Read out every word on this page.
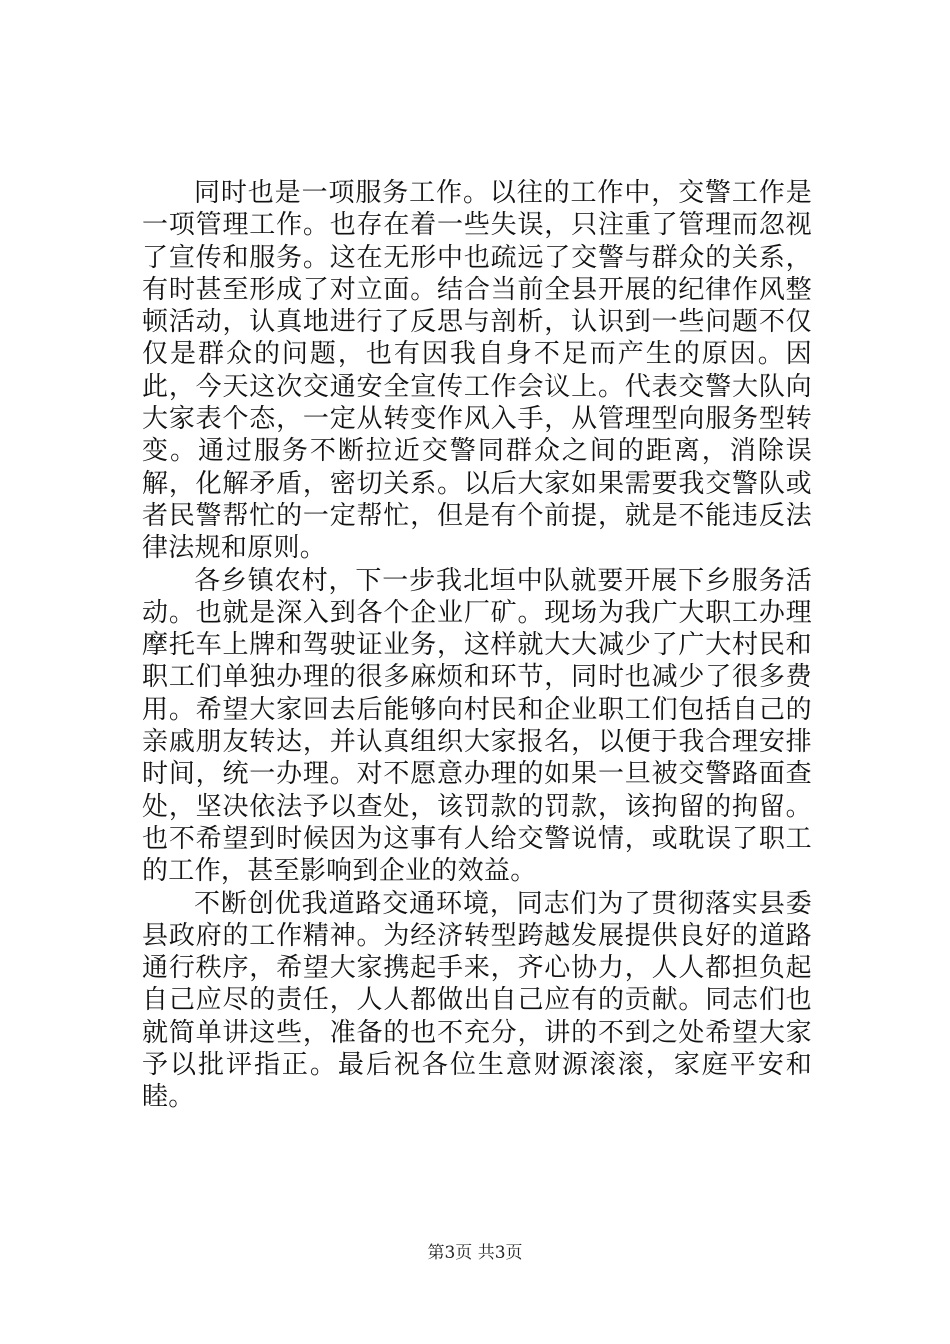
同时也是一项服务工作。以往的工作中，交警工作是一项管理工作。也存在着一些失误，只注重了管理而忽视了宣传和服务。这在无形中也疏远了交警与群众的关系，有时甚至形成了对立面。结合当前全县开展的纪律作风整顿活动，认真地进行了反思与剖析，认识到一些问题不仅仅是群众的问题，也有因我自身不足而产生的原因。因此，今天这次交通安全宣传工作会议上。代表交警大队向大家表个态，一定从转变作风入手，从管理型向服务型转变。通过服务不断拉近交警同群众之间的距离，消除误解，化解矛盾，密切关系。以后大家如果需要我交警队或者民警帮忙的一定帮忙，但是有个前提，就是不能违反法律法规和原则。

各乡镇农村，下一步我北垣中队就要开展下乡服务活动。也就是深入到各个企业厂矿。现场为我广大职工办理摩托车上牌和驾驶证业务，这样就大大减少了广大村民和职工们单独办理的很多麻烦和环节，同时也减少了很多费用。希望大家回去后能够向村民和企业职工们包括自己的亲戚朋友转达，并认真组织大家报名，以便于我合理安排时间，统一办理。对不愿意办理的如果一旦被交警路面查处，坚决依法予以查处，该罚款的罚款，该拘留的拘留。也不希望到时候因为这事有人给交警说情，或耽误了职工的工作，甚至影响到企业的效益。

不断创优我道路交通环境，同志们为了贯彻落实县委县政府的工作精神。为经济转型跨越发展提供良好的道路通行秩序，希望大家携起手来，齐心协力，人人都担负起自己应尽的责任，人人都做出自己应有的贡献。同志们也就简单讲这些，准备的也不充分，讲的不到之处希望大家予以批评指正。最后祝各位生意财源滚滚，家庭平安和睦。

第3页 共3页
